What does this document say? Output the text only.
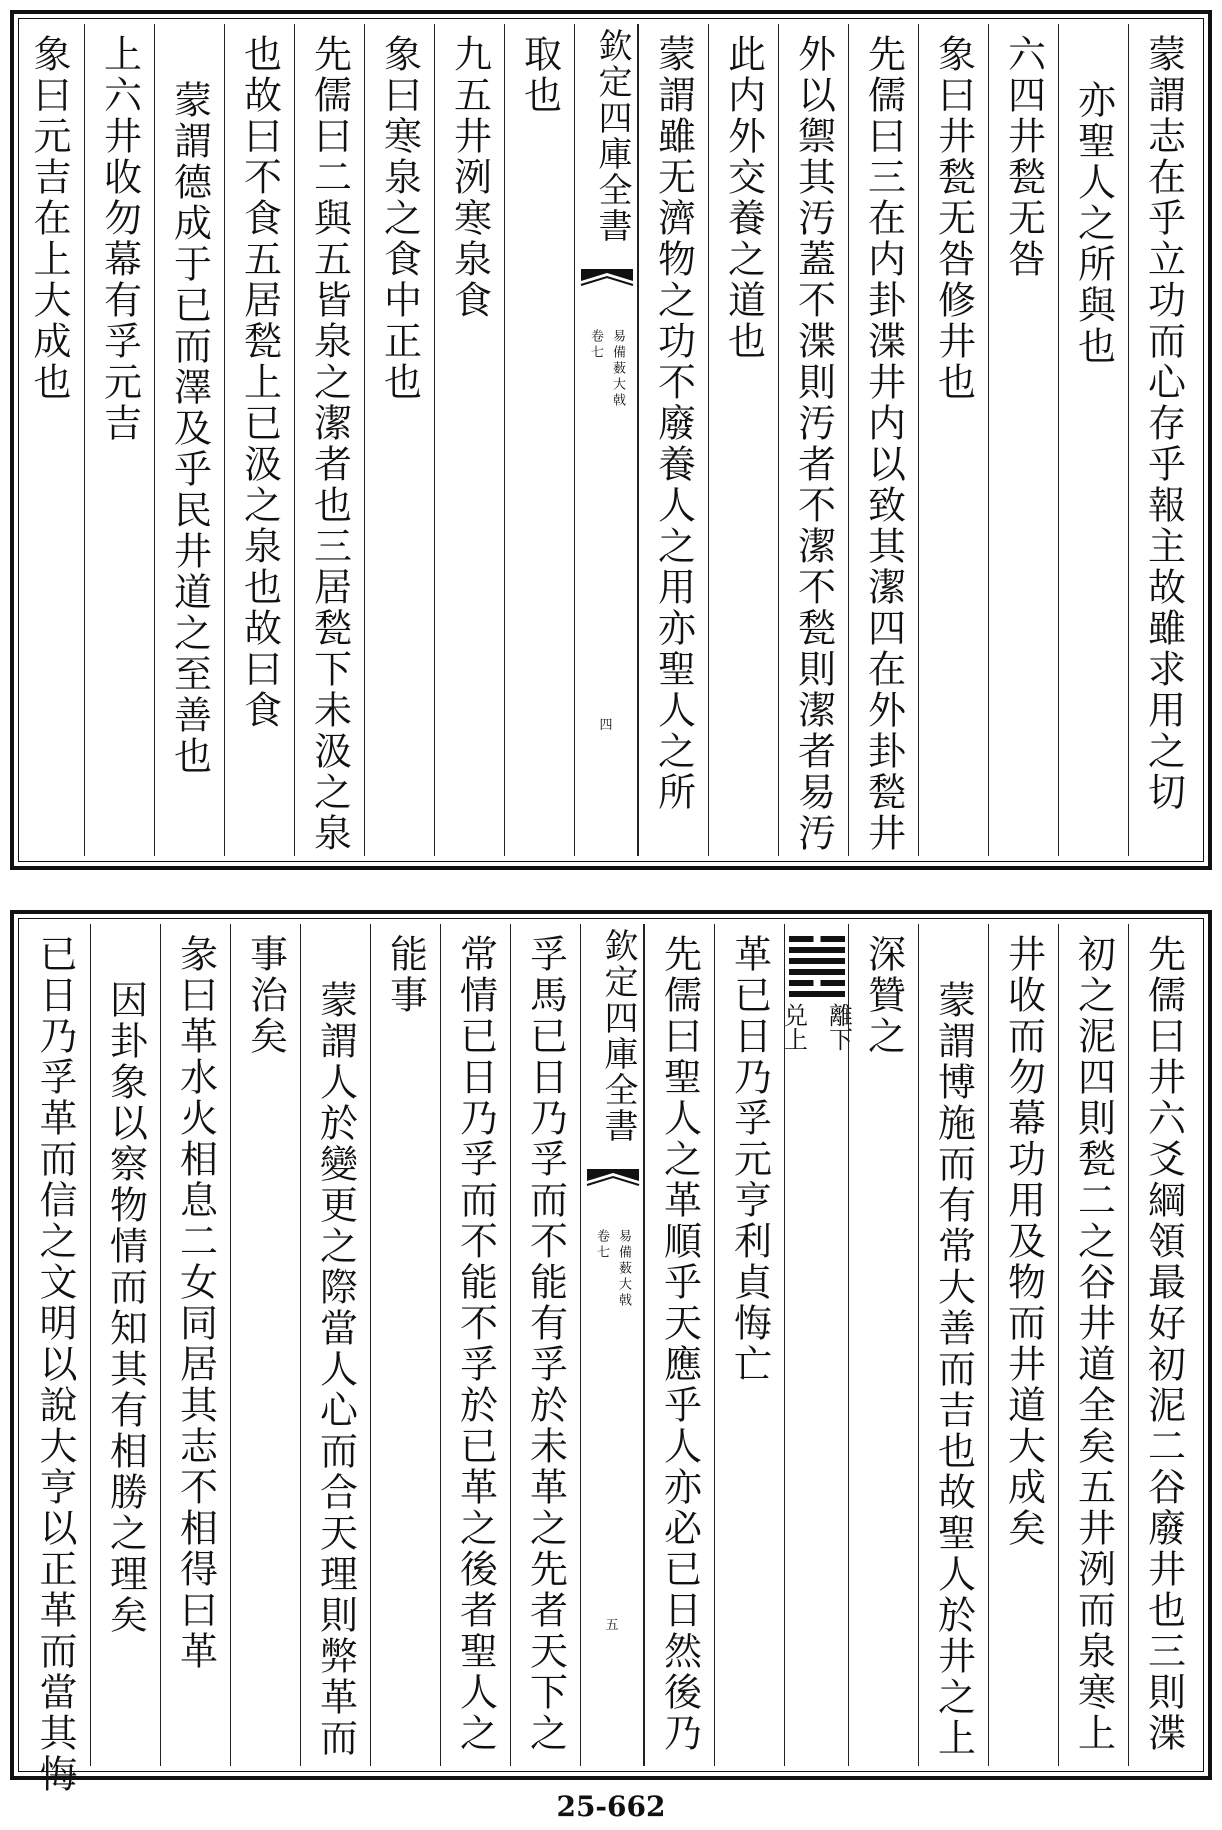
蒙謂志在乎立功而心存乎報主故雖求用之切
亦聖人之所與也
六四井甃无咎
象曰井甃无咎修井也
先儒曰三在内卦渫井内以致其潔四在外卦甃井
外以禦其汚蓋不渫則汚者不潔不甃則潔者易汚
此内外交養之道也
蒙謂雖无濟物之功不廢養人之用亦聖人之所
欽定四庫全書
易備薮大戟
卷七
四
取也
九五井洌寒泉食
象曰寒泉之食中正也
先儒曰二與五皆泉之潔者也三居甃下未汲之泉
也故曰不食五居甃上已汲之泉也故曰食
蒙謂德成于已而澤及乎民井道之至善也
上六井收勿幕有孚元吉
象曰元吉在上大成也
先儒曰井六爻綱領最好初泥二谷廢井也三則渫
初之泥四則甃二之谷井道全矣五井洌而泉寒上
井收而勿幕功用及物而井道大成矣
蒙謂博施而有常大善而吉也故聖人於井之上
深贊之
離下
兑上
革已日乃孚元亨利貞悔亡
先儒曰聖人之革順乎天應乎人亦必已日然後乃
欽定四庫全書
易備薮大戟
卷七
五
孚馬已日乃孚而不能有孚於未革之先者天下之
常情已日乃孚而不能不孚於已革之後者聖人之
能事
蒙謂人於變更之際當人心而合天理則弊革而
事治矣
彖曰革水火相息二女同居其志不相得曰革
因卦象以察物情而知其有相勝之理矣
已日乃孚革而信之文明以說大亨以正革而當其悔
25-662
